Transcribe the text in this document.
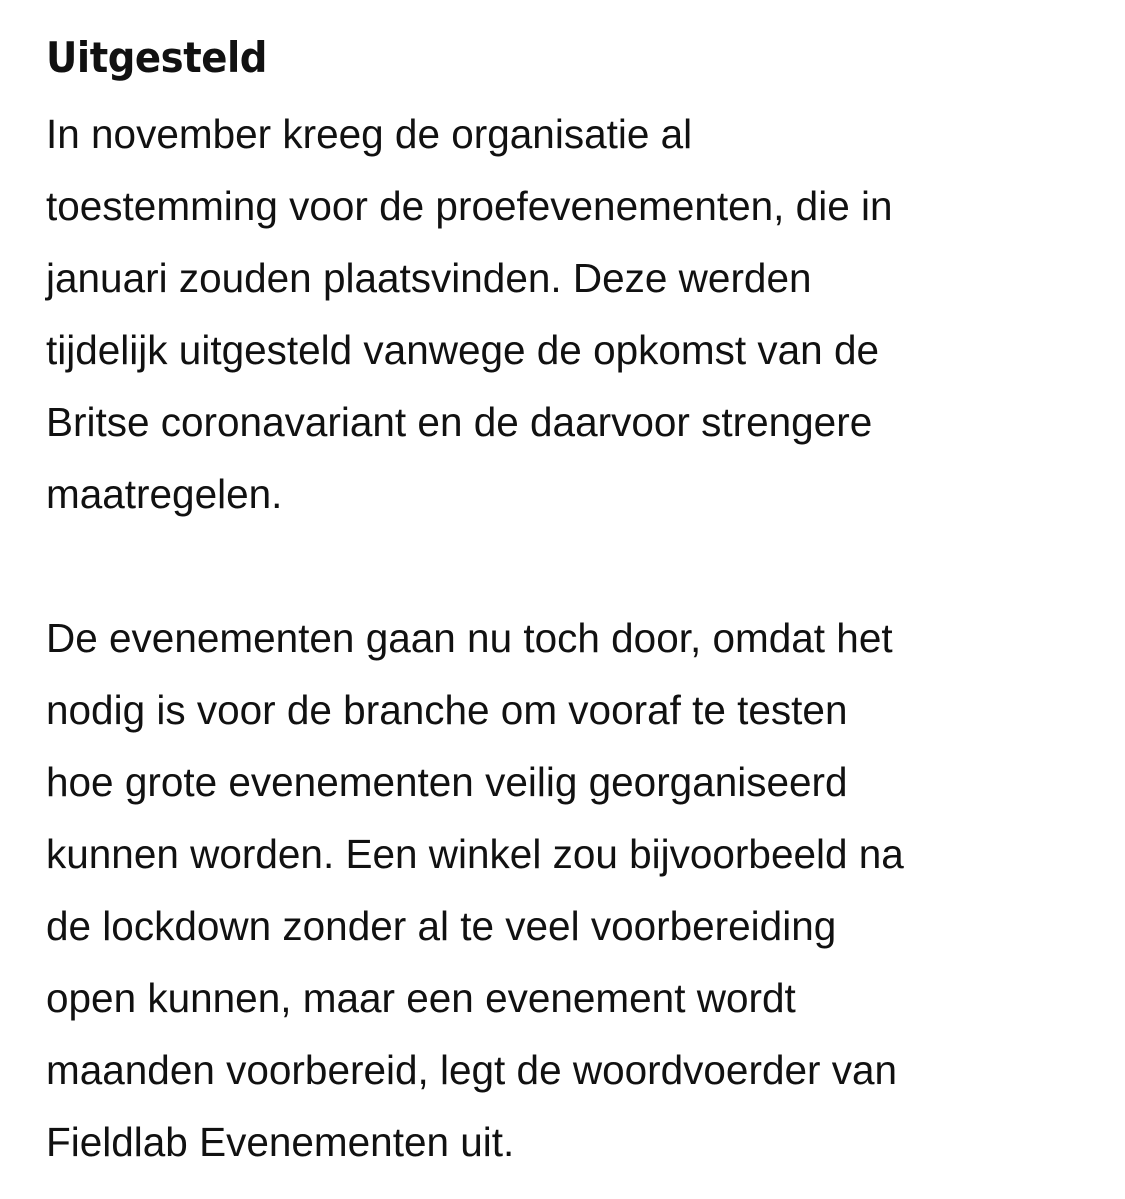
Uitgesteld

In november kreeg de organisatie al
toestemming voor de proefevenementen, die in
januari zouden plaatsvinden. Deze werden
tijdelijk uitgesteld vanwege de opkomst van de
Britse coronavariant en de daarvoor strengere
maatregelen.

De evenementen gaan nu toch door, omdat het
nodig is voor de branche om vooraf te testen
hoe grote evenementen veilig georganiseerd
kunnen worden. Een winkel zou bijvoorbeeld na
de lockdown zonder al te veel voorbereiding
open kunnen, maar een evenement wordt
maanden voorbereid, legt de woordvoerder van
Fieldlab Evenementen uit.
